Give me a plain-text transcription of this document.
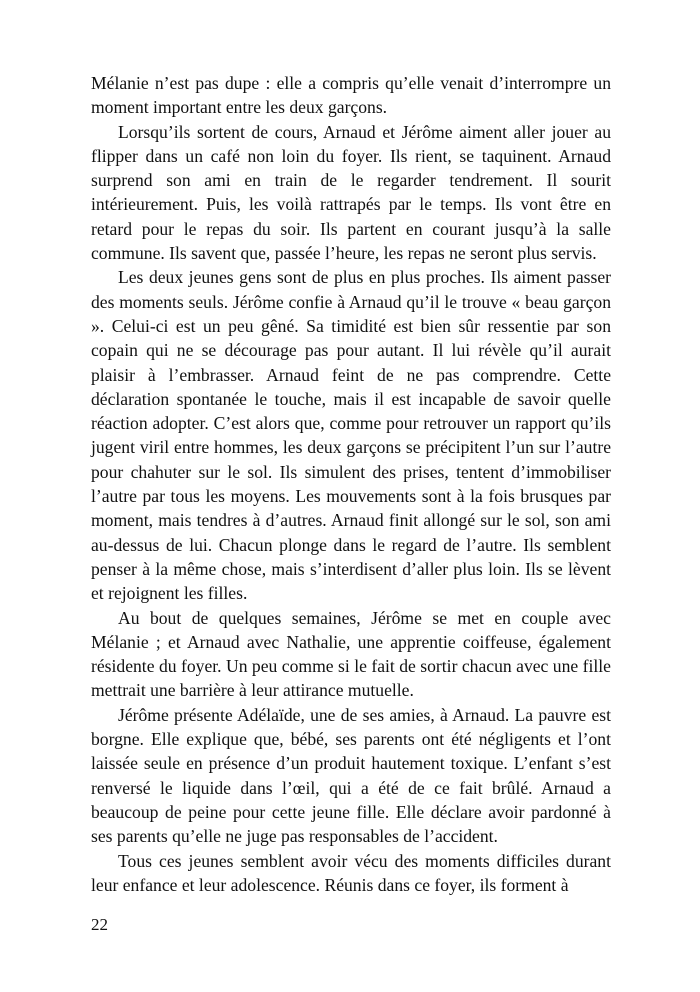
Mélanie n’est pas dupe : elle a compris qu’elle venait d’interrompre un moment important entre les deux garçons.

Lorsqu’ils sortent de cours, Arnaud et Jérôme aiment aller jouer au flipper dans un café non loin du foyer. Ils rient, se taquinent. Arnaud surprend son ami en train de le regarder tendrement. Il sourit intérieurement. Puis, les voilà rattrapés par le temps. Ils vont être en retard pour le repas du soir. Ils partent en courant jusqu’à la salle commune. Ils savent que, passée l’heure, les repas ne seront plus servis.

Les deux jeunes gens sont de plus en plus proches. Ils aiment passer des moments seuls. Jérôme confie à Arnaud qu’il le trouve « beau garçon ». Celui-ci est un peu gêné. Sa timidité est bien sûr ressentie par son copain qui ne se décourage pas pour autant. Il lui révèle qu’il aurait plaisir à l’embrasser. Arnaud feint de ne pas comprendre. Cette déclaration spontanée le touche, mais il est incapable de savoir quelle réaction adopter. C’est alors que, comme pour retrouver un rapport qu’ils jugent viril entre hommes, les deux garçons se précipitent l’un sur l’autre pour chahuter sur le sol. Ils simulent des prises, tentent d’immobiliser l’autre par tous les moyens. Les mouvements sont à la fois brusques par moment, mais tendres à d’autres. Arnaud finit allongé sur le sol, son ami au-dessus de lui. Chacun plonge dans le regard de l’autre. Ils semblent penser à la même chose, mais s’interdisent d’aller plus loin. Ils se lèvent et rejoignent les filles.

Au bout de quelques semaines, Jérôme se met en couple avec Mélanie ; et Arnaud avec Nathalie, une apprentie coiffeuse, également résidente du foyer. Un peu comme si le fait de sortir chacun avec une fille mettrait une barrière à leur attirance mutuelle.

Jérôme présente Adélaïde, une de ses amies, à Arnaud. La pauvre est borgne. Elle explique que, bébé, ses parents ont été négligents et l’ont laissée seule en présence d’un produit hautement toxique. L’enfant s’est renversé le liquide dans l’œil, qui a été de ce fait brûlé. Arnaud a beaucoup de peine pour cette jeune fille. Elle déclare avoir pardonné à ses parents qu’elle ne juge pas responsables de l’accident.

Tous ces jeunes semblent avoir vécu des moments difficiles durant leur enfance et leur adolescence. Réunis dans ce foyer, ils forment à

22
